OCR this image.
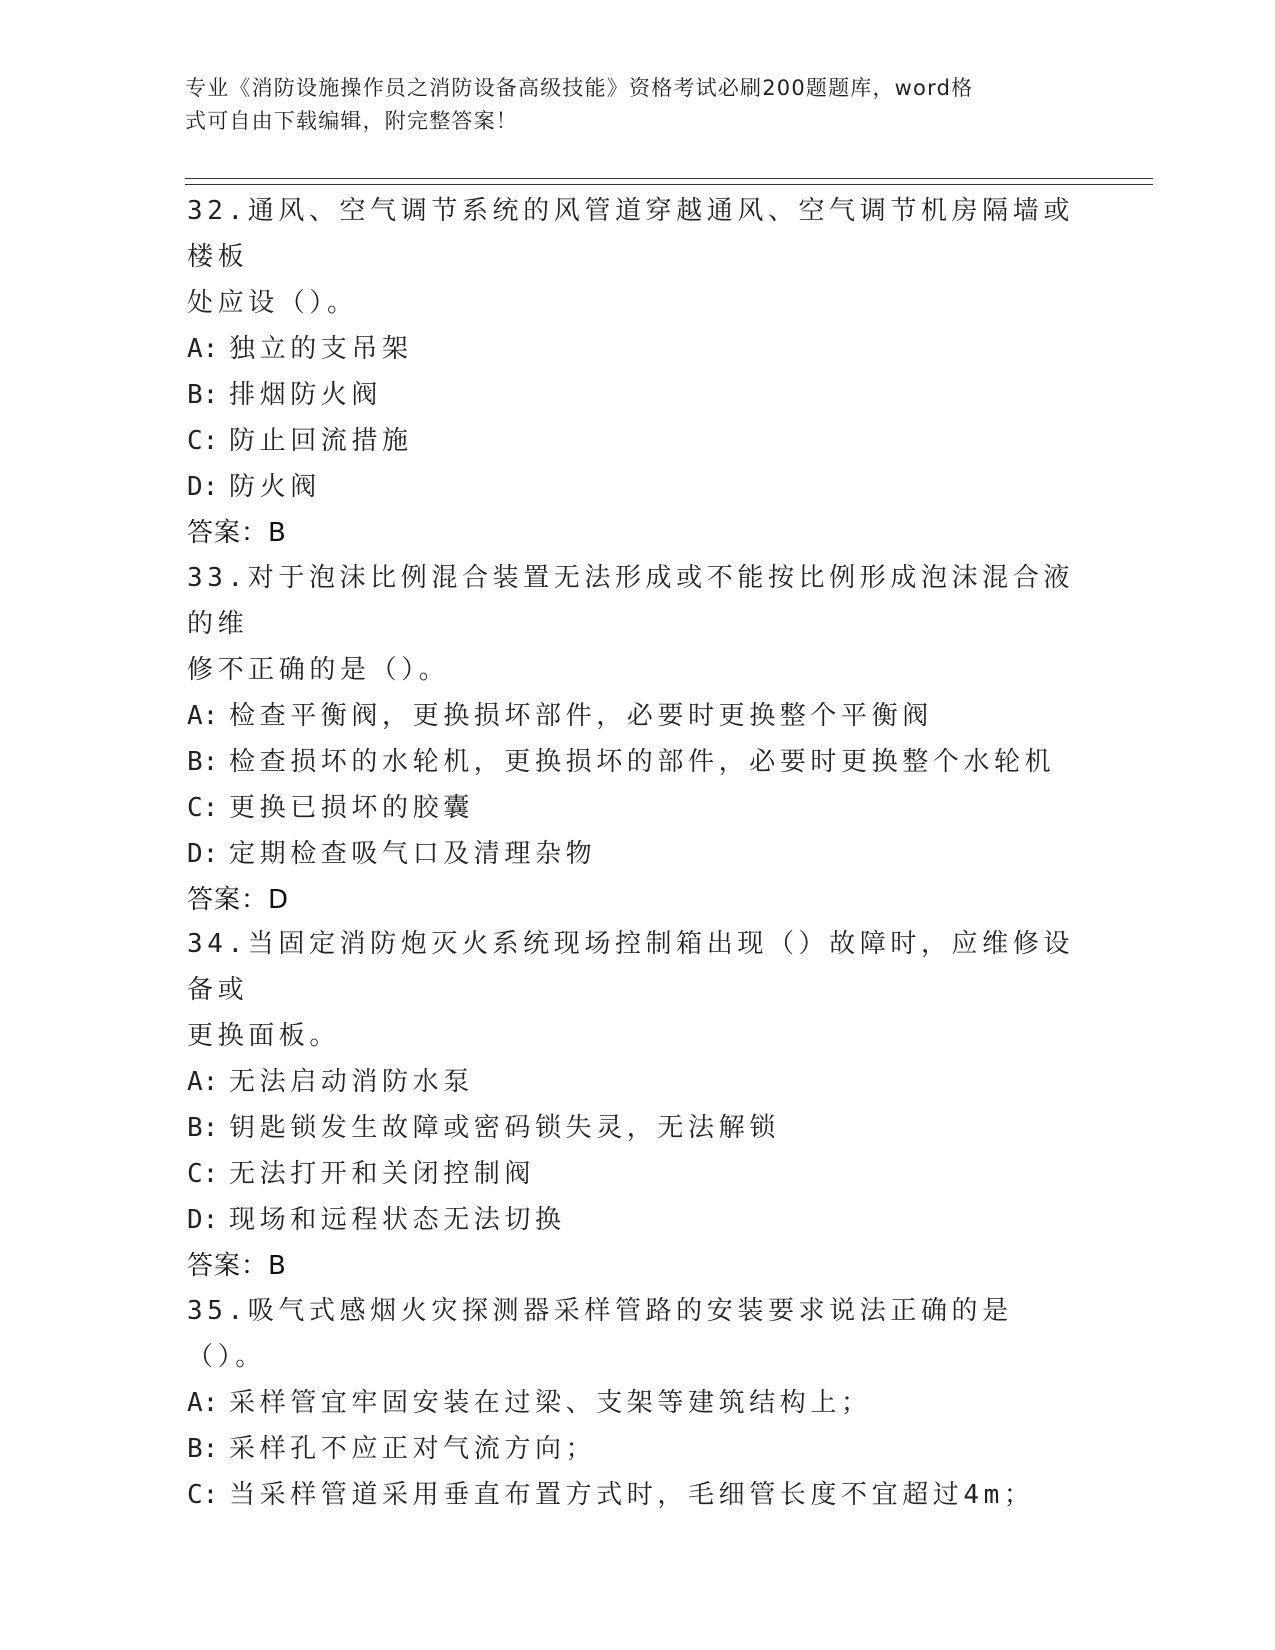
专业《消防设施操作员之消防设备高级技能》资格考试必刷200题题库，word格
式可自由下载编辑，附完整答案！
32.通风、空气调节系统的风管道穿越通风、空气调节机房隔墙或楼板
处应设（）。
A: 独立的支吊架
B: 排烟防火阀
C: 防止回流措施
D: 防火阀
答案：B
33.对于泡沫比例混合装置无法形成或不能按比例形成泡沫混合液的维
修不正确的是（）。
A: 检查平衡阀，更换损坏部件，必要时更换整个平衡阀
B: 检查损坏的水轮机，更换损坏的部件，必要时更换整个水轮机
C: 更换已损坏的胶囊
D: 定期检查吸气口及清理杂物
答案：D
34.当固定消防炮灭火系统现场控制箱出现（）故障时，应维修设备或
更换面板。
A: 无法启动消防水泵
B: 钥匙锁发生故障或密码锁失灵，无法解锁
C: 无法打开和关闭控制阀
D: 现场和远程状态无法切换
答案：B
35.吸气式感烟火灾探测器采样管路的安装要求说法正确的是（）。
A: 采样管宜牢固安装在过梁、支架等建筑结构上；
B: 采样孔不应正对气流方向；
C: 当采样管道采用垂直布置方式时，毛细管长度不宜超过4m；
